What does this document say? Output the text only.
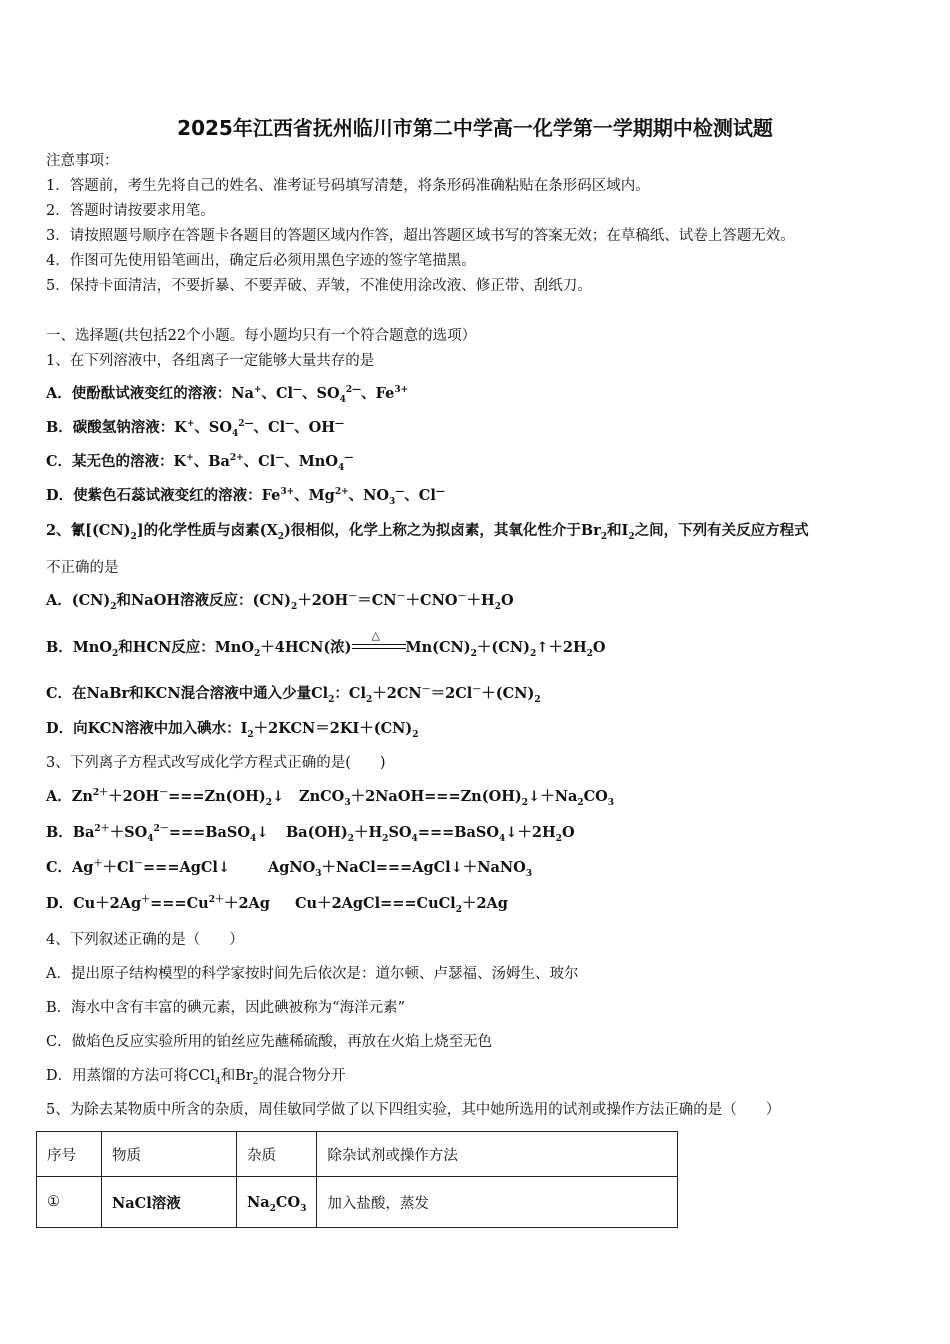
2025年江西省抚州临川市第二中学高一化学第一学期期中检测试题
注意事项：
1．答题前，考生先将自己的姓名、准考证号码填写清楚，将条形码准确粘贴在条形码区域内。
2．答题时请按要求用笔。
3．请按照题号顺序在答题卡各题目的答题区域内作答，超出答题区域书写的答案无效；在草稿纸、试卷上答题无效。
4．作图可先使用铅笔画出，确定后必须用黑色字迹的签字笔描黑。
5．保持卡面清洁，不要折暴、不要弄破、弄皱，不准使用涂改液、修正带、刮纸刀。
一、选择题(共包括22个小题。每小题均只有一个符合题意的选项）
1、在下列溶液中，各组离子一定能够大量共存的是
A．使酚酞试液变红的溶液：Na+、Cl—、$SO_4^{2—}$、$Fe^{3+}$
B．碳酸氢钠溶液：K+、$SO_4^{2—}$、Cl—、OH—
C．某无色的溶液：K+、$Ba^{2+}$、Cl—、MnO$_4$—
D．使紫色石蕊试液变红的溶液：$Fe^{3+}$、$Mg^{2+}$、$NO_3^—$、Cl—
2、氰$[(CN)_2]$的化学性质与卤素$(X_2)$很相似，化学上称之为拟卤素，其氧化性介于$Br_2$和$I_2$之间，下列有关反应方程式
不正确的是
A．$(CN)_2$和NaOH溶液反应：$(CN)_2+2OH^-=CN^-+CNO^-+H_2O$
B．MnO$_2$和HCN反应：MnO$_2$＋4HCN(浓)
△
$Mn(CN)_2+(CN)_2↑+2H_2O$
C．在NaBr和KCN混合溶液中通入少量$Cl_2$：$Cl_2+2CN^-=2Cl^-+(CN)_2$
D．向KCN溶液中加入碘水：$I_2+2KCN=2KI+(CN)_2$
3、下列离子方程式改写成化学方程式正确的是(　　)
A．$Zn^{2+}+2OH^-===Zn(OH)_2↓$ $ZnCO_3+2NaOH===Zn(OH)_2↓+Na_2CO_3$
B．$Ba^{2+}+SO_4^{2-}===BaSO_4↓$ $Ba(OH)_2+H_2SO_4===BaSO_4↓+2H_2O$
C．Ag＋＋Cl－===AgCl↓	AgNO$_3$＋NaCl===AgCl↓＋NaNO$_3$
D．$Cu+2Ag^+===Cu^{2+}+2Ag$ Cu＋2AgCl===CuCl$_2$＋2Ag
4、下列叙述正确的是（　　）
A．提出原子结构模型的科学家按时间先后依次是：道尔顿、卢瑟福、汤姆生、玻尔
B．海水中含有丰富的碘元素，因此碘被称为“海洋元素”
C．做焰色反应实验所用的铂丝应先蘸稀硫酸，再放在火焰上烧至无色
D．用蒸馏的方法可将CCl$_4$和$Br_2$的混合物分开
5、为除去某物质中所含的杂质，周佳敏同学做了以下四组实验，其中她所选用的试剂或操作方法正确的是（　　）
序号	物质	杂质	除杂试剂或操作方法
①	NaCl溶液	$Na_2CO_3$	加入盐酸，蒸发
